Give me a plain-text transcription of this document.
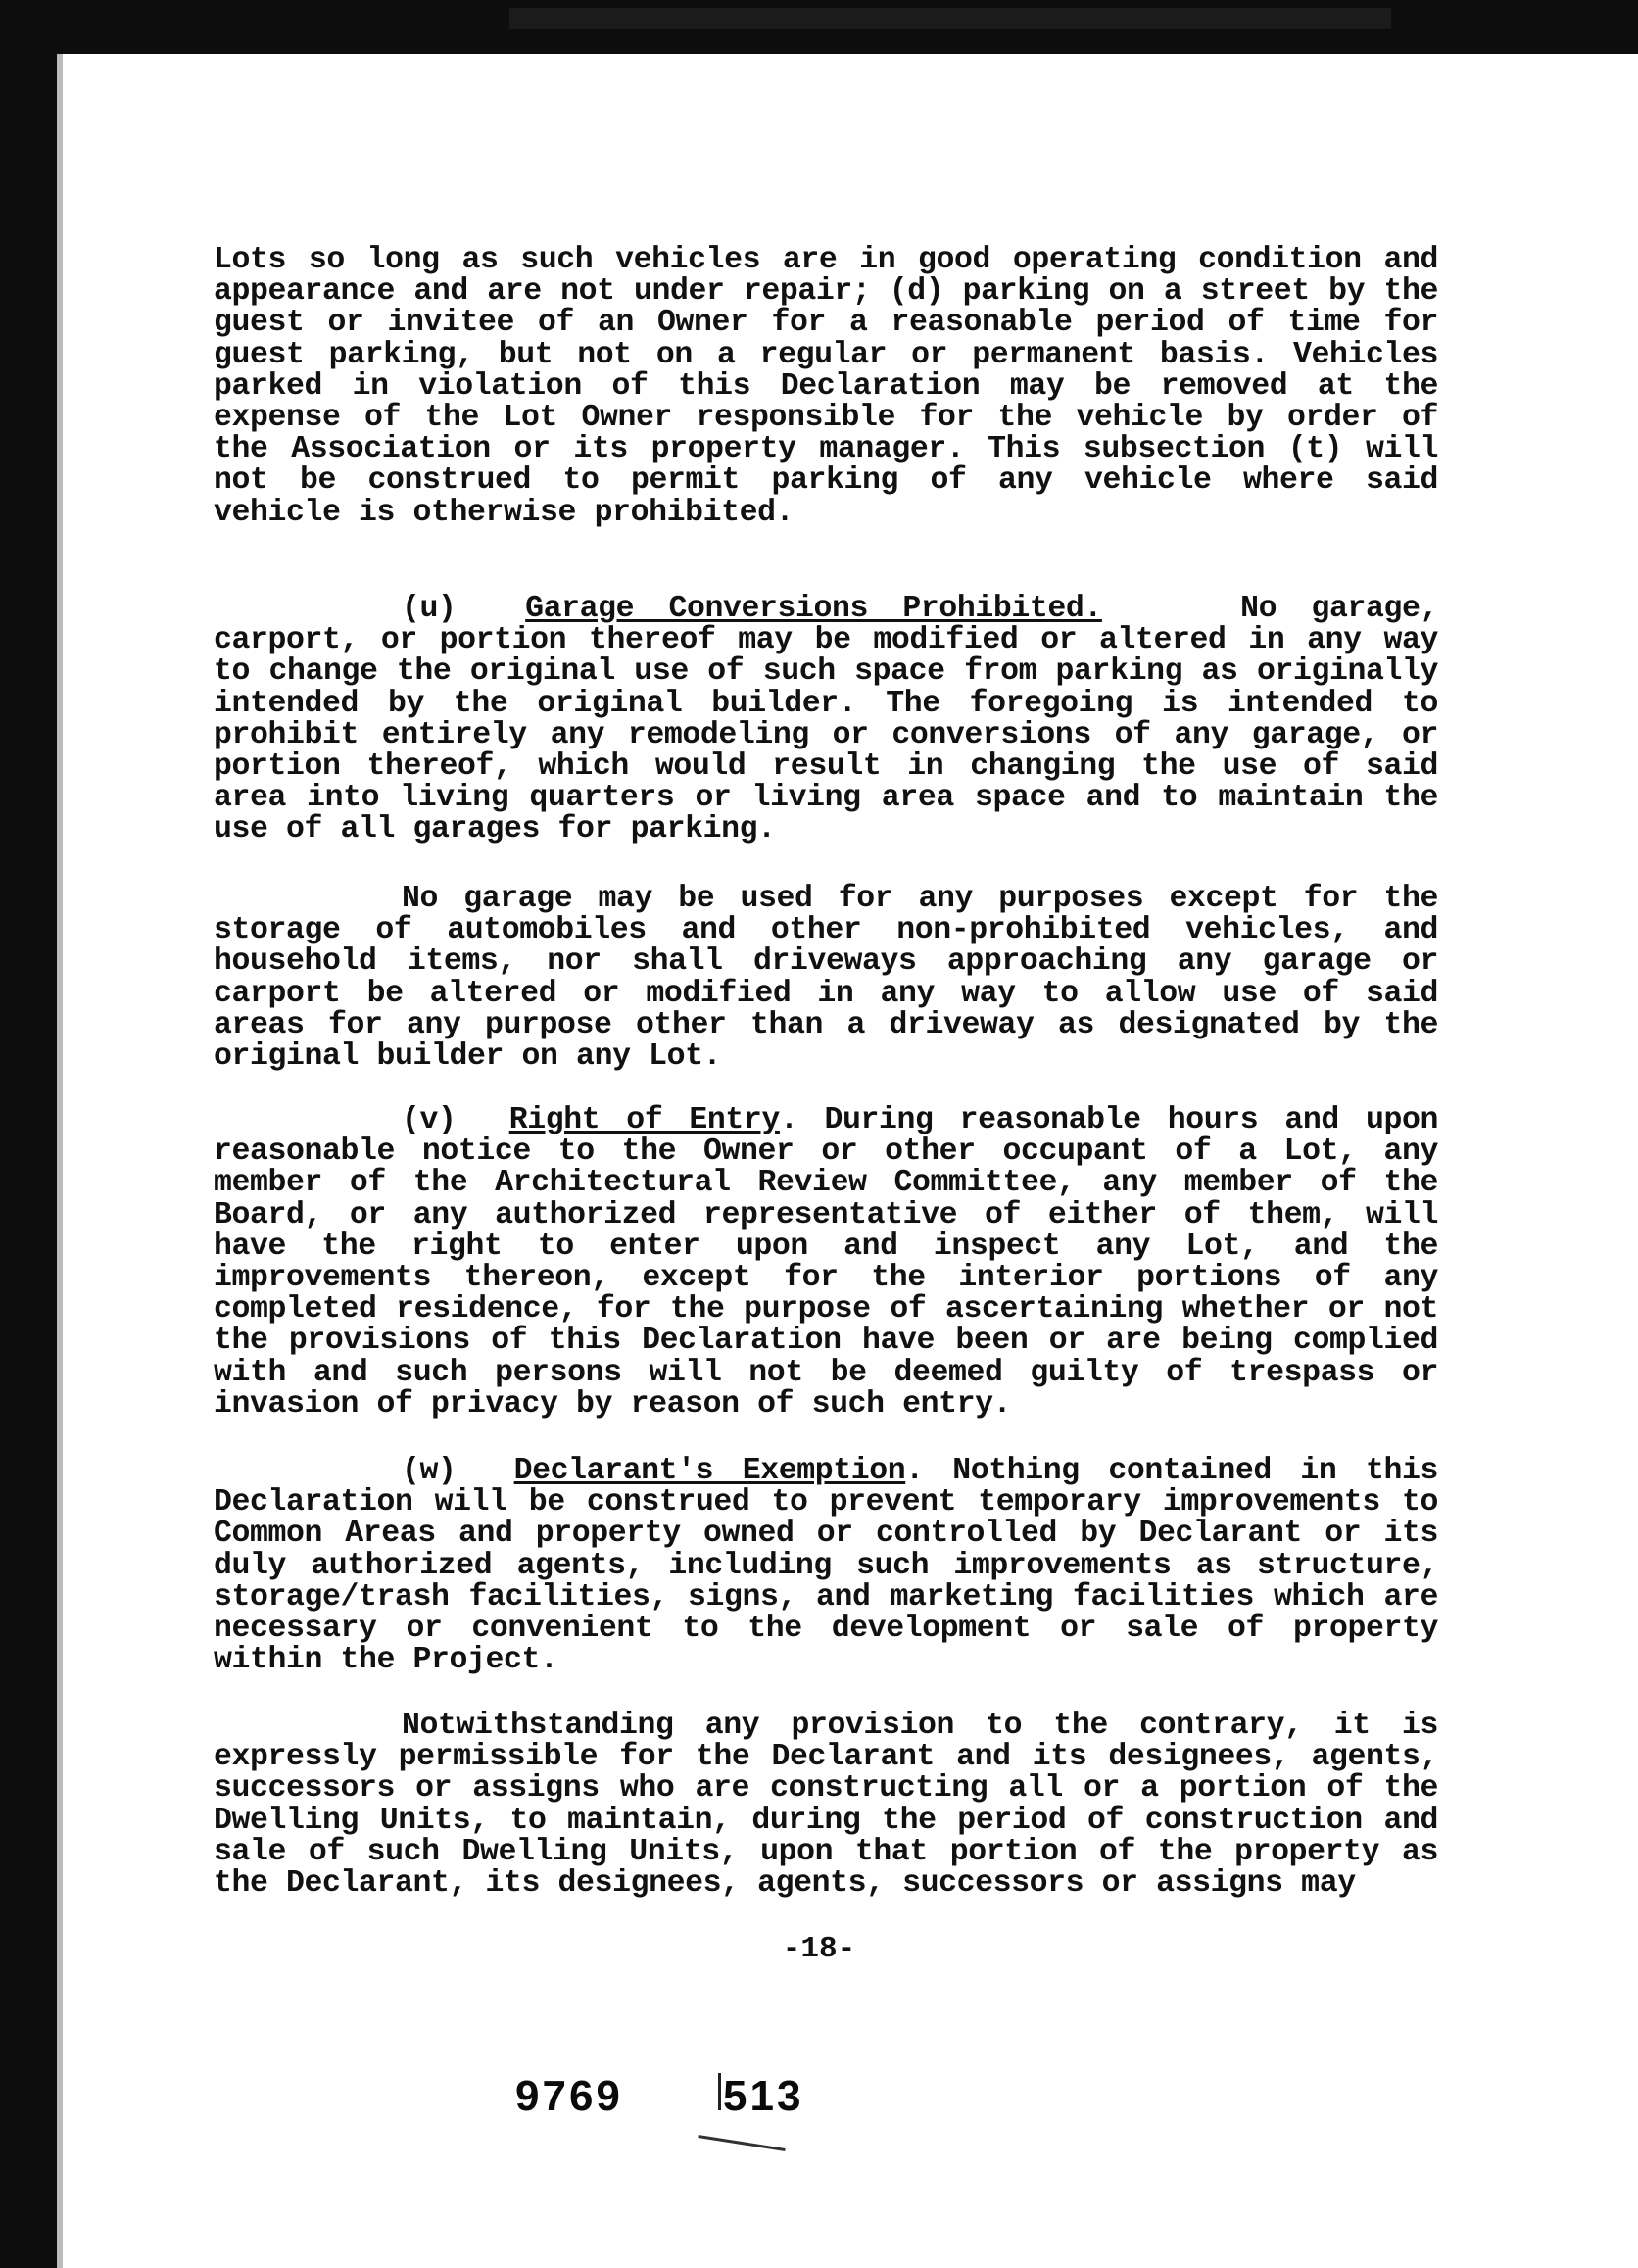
Lots so long as such vehicles are in good operating condition and appearance and are not under repair; (d) parking on a street by the guest or invitee of an Owner for a reasonable period of time for guest parking, but not on a regular or permanent basis. Vehicles parked in violation of this Declaration may be removed at the expense of the Lot Owner responsible for the vehicle by order of the Association or its property manager. This subsection (t) will not be construed to permit parking of any vehicle where said vehicle is otherwise prohibited.

(u) Garage Conversions Prohibited.	No garage, carport, or portion thereof may be modified or altered in any way to change the original use of such space from parking as originally intended by the original builder. The foregoing is intended to prohibit entirely any remodeling or conversions of any garage, or portion thereof, which would result in changing the use of said area into living quarters or living area space and to maintain the use of all garages for parking.

No garage may be used for any purposes except for the storage of automobiles and other non-prohibited vehicles, and household items, nor shall driveways approaching any garage or carport be altered or modified in any way to allow use of said areas for any purpose other than a driveway as designated by the original builder on any Lot.

(v) Right of Entry. During reasonable hours and upon reasonable notice to the Owner or other occupant of a Lot, any member of the Architectural Review Committee, any member of the Board, or any authorized representative of either of them, will have the right to enter upon and inspect any Lot, and the improvements thereon, except for the interior portions of any completed residence, for the purpose of ascertaining whether or not the provisions of this Declaration have been or are being complied with and such persons will not be deemed guilty of trespass or invasion of privacy by reason of such entry.

(w) Declarant's Exemption. Nothing contained in this Declaration will be construed to prevent temporary improvements to Common Areas and property owned or controlled by Declarant or its duly authorized agents, including such improvements as structure, storage/trash facilities, signs, and marketing facilities which are necessary or convenient to the development or sale of property within the Project.

Notwithstanding any provision to the contrary, it is expressly permissible for the Declarant and its designees, agents, successors or assigns who are constructing all or a portion of the Dwelling Units, to maintain, during the period of construction and sale of such Dwelling Units, upon that portion of the property as the Declarant, its designees, agents, successors or assigns may

-18-
9769 513
